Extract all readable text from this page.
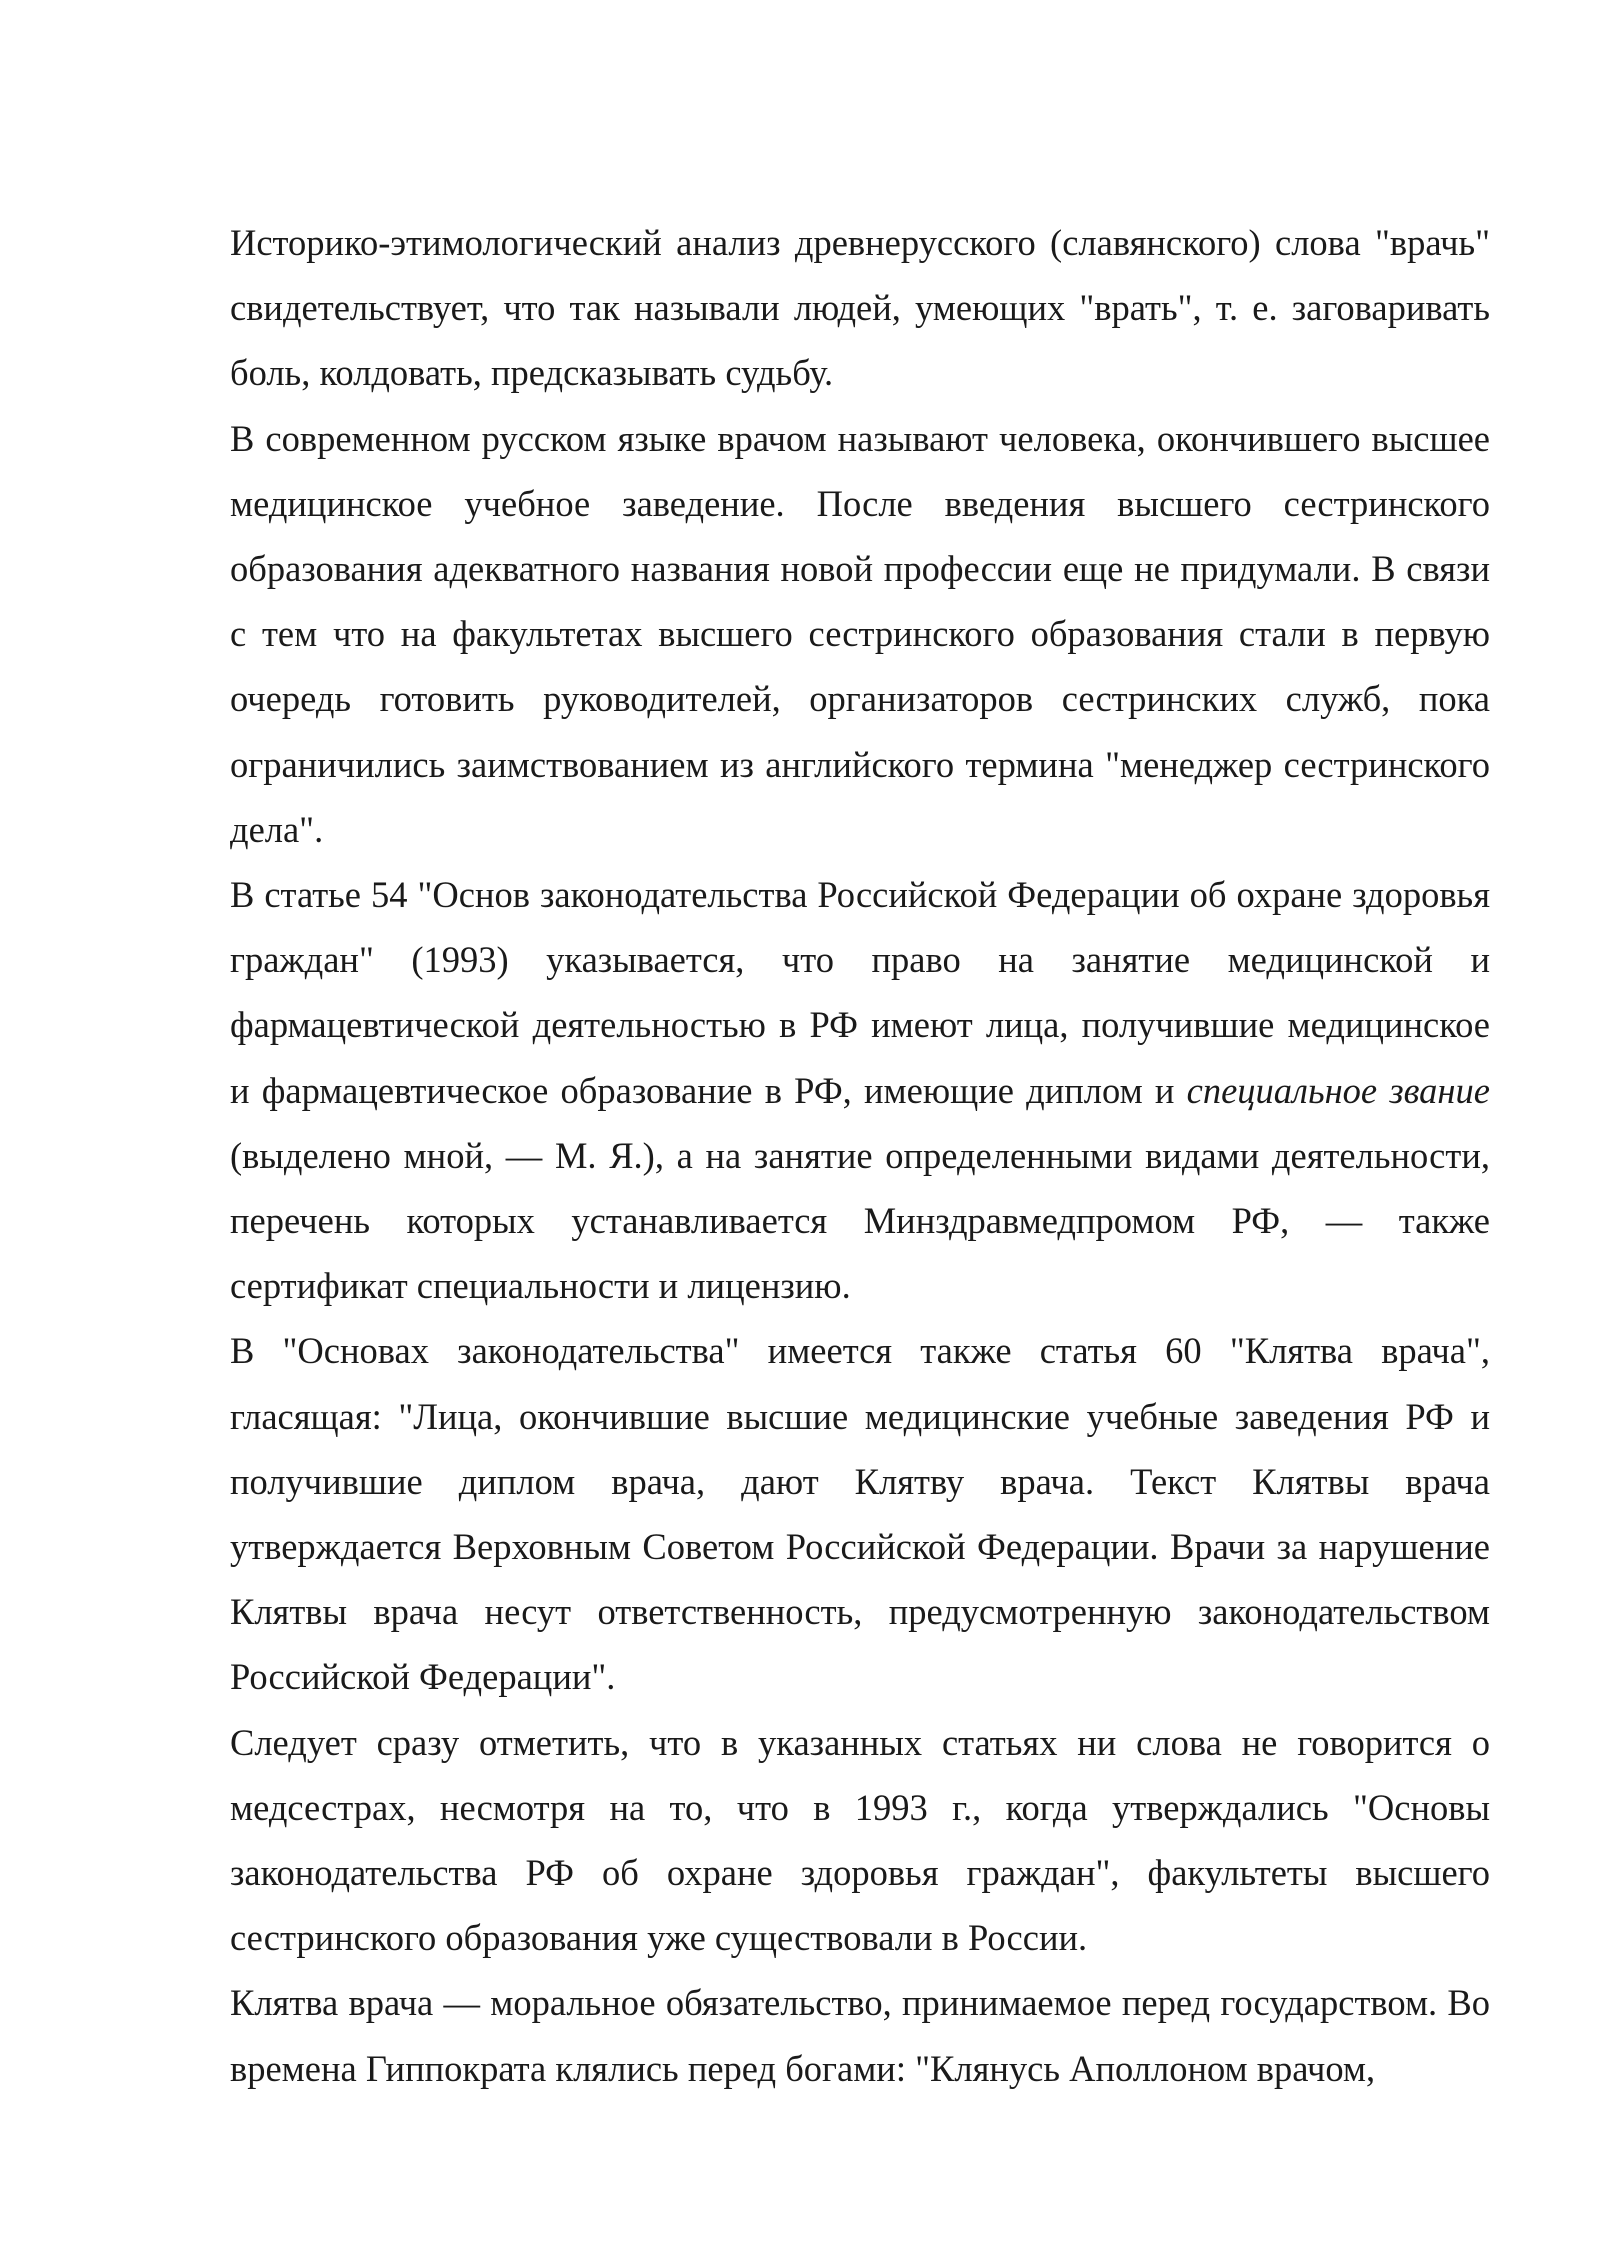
Историко-этимологический анализ древнерусского (славянского) слова "врачь" свидетельствует, что так называли людей, умеющих "врать", т. е. заговаривать боль, колдовать, предсказывать судьбу.

В современном русском языке врачом называют человека, окончившего высшее медицинское учебное заведение. После введения высшего сестринского образования адекватного названия новой профессии еще не придумали. В связи с тем что на факультетах высшего сестринского образования стали в первую очередь готовить руководителей, организаторов сестринских служб, пока ограничились заимствованием из английского термина "менеджер сестринского дела".

В статье 54 "Основ законодательства Российской Федерации об охране здоровья граждан" (1993) указывается, что право на занятие медицинской и фармацевтической деятельностью в РФ имеют лица, получившие медицинское и фармацевтическое образование в РФ, имеющие диплом и специальное звание (выделено мной, — М. Я.), а на занятие определенными видами деятельности, перечень которых устанавливается Минздравмедпромом РФ, — также сертификат специальности и лицензию.

В "Основах законодательства" имеется также статья 60 "Клятва врача", гласящая: "Лица, окончившие высшие медицинские учебные заведения РФ и получившие диплом врача, дают Клятву врача. Текст Клятвы врача утверждается Верховным Советом Российской Федерации. Врачи за нарушение Клятвы врача несут ответственность, предусмотренную законодательством Российской Федерации".

Следует сразу отметить, что в указанных статьях ни слова не говорится о медсестрах, несмотря на то, что в 1993 г., когда утверждались "Основы законодательства РФ об охране здоровья граждан", факультеты высшего сестринского образования уже существовали в России.

Клятва врача — моральное обязательство, принимаемое перед государством. Во времена Гиппократа клялись перед богами: "Клянусь Аполлоном врачом,
